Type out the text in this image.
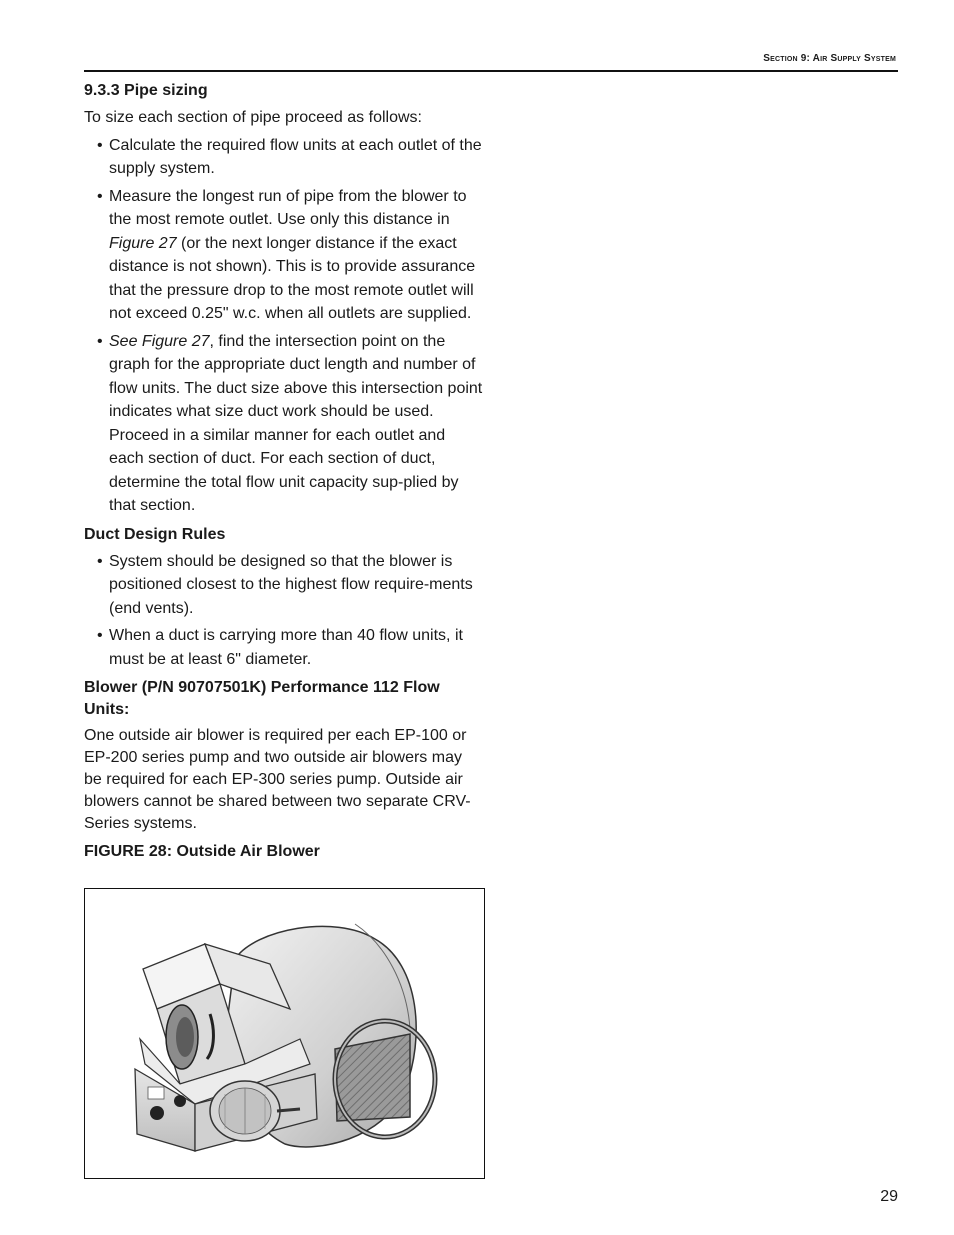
Section 9: Air Supply System
9.3.3 Pipe sizing

To size each section of pipe proceed as follows:

• Calculate the required flow units at each outlet of the supply system.
• Measure the longest run of pipe from the blower to the most remote outlet. Use only this distance in Figure 27 (or the next longer distance if the exact distance is not shown). This is to provide assurance that the pressure drop to the most remote outlet will not exceed 0.25" w.c. when all outlets are supplied.
• See Figure 27, find the intersection point on the graph for the appropriate duct length and number of flow units. The duct size above this intersection point indicates what size duct work should be used. Proceed in a similar manner for each outlet and each section of duct. For each section of duct, determine the total flow unit capacity sup-plied by that section.
Duct Design Rules
• System should be designed so that the blower is positioned closest to the highest flow require-ments (end vents).
• When a duct is carrying more than 40 flow units, it must be at least 6" diameter.
Blower (P/N 90707501K) Performance 112 Flow Units:

One outside air blower is required per each EP-100 or EP-200 series pump and two outside air blowers may be required for each EP-300 series pump. Outside air blowers cannot be shared between two separate CRV-Series systems.

FIGURE 28: Outside Air Blower

29
